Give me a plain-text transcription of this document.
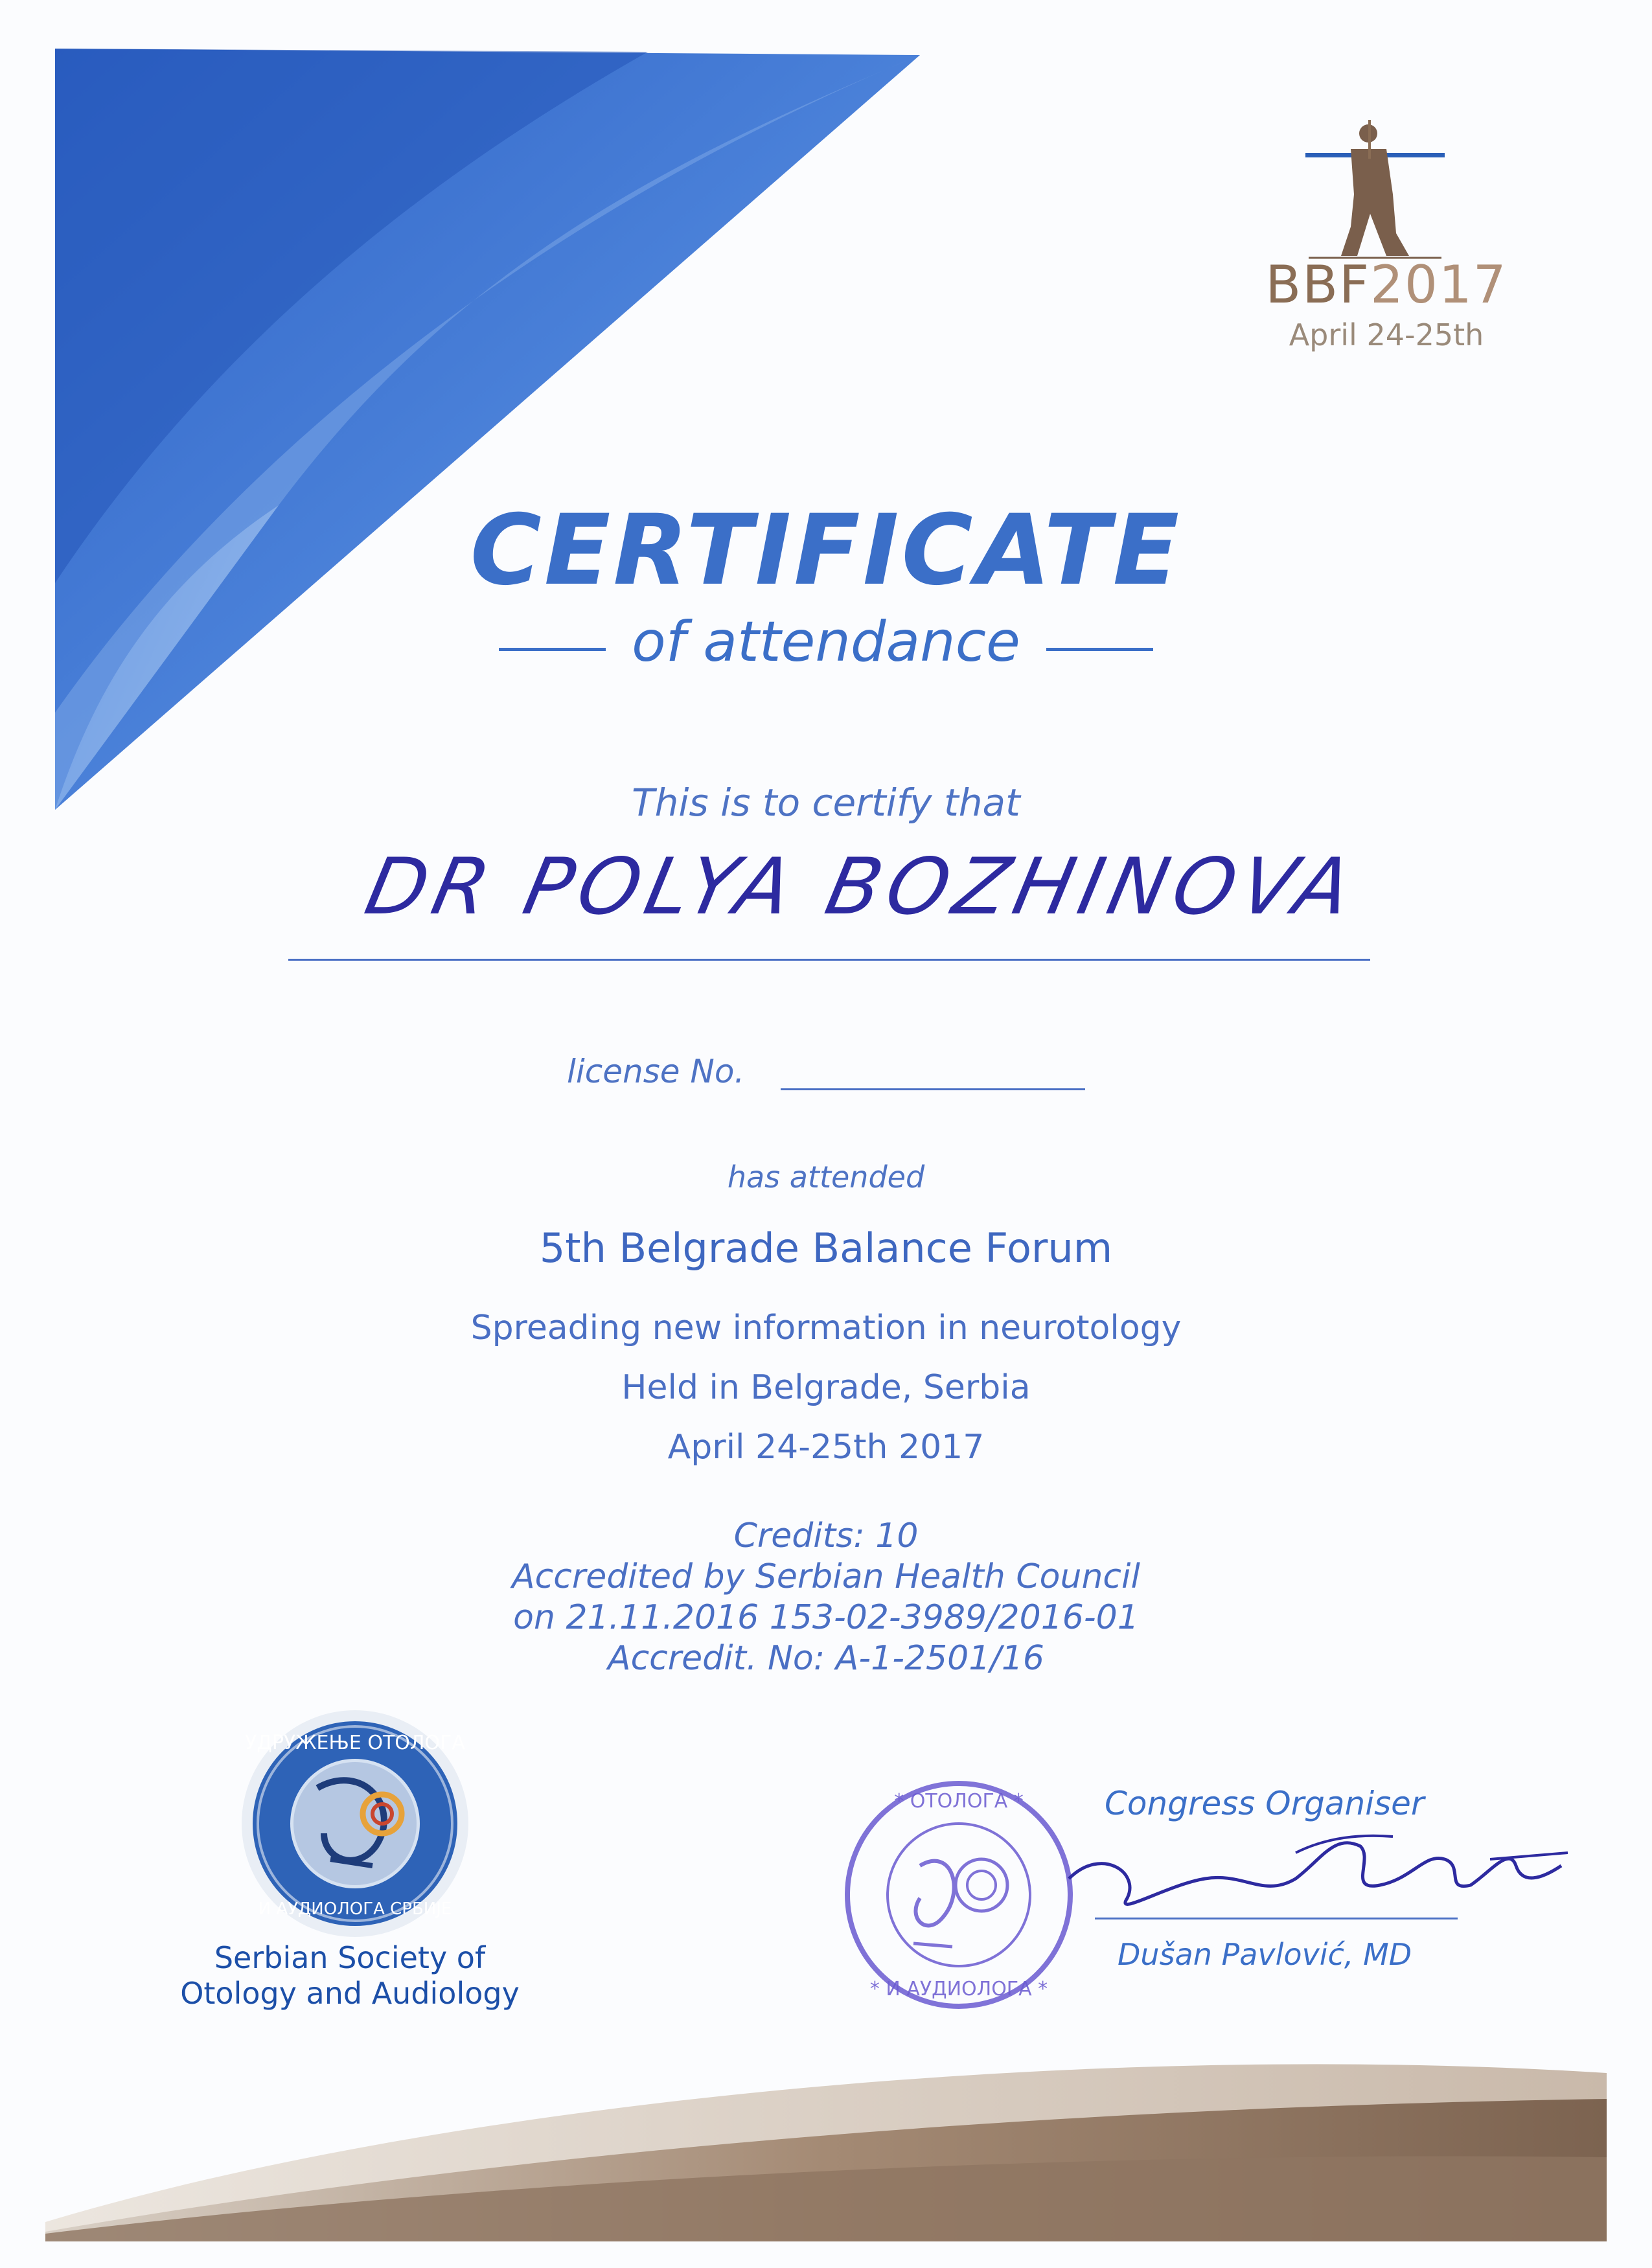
УДРУЖЕЊЕ ОТОЛОГА
И АУДИОЛОГА СРБИЈЕ
* ОТОЛОГА *
* И АУДИОЛОГА *
BBF2017
April 24-25th
CERTIFICATE
of attendance
This is to certify that
DR POLYA BOZHINOVA
license No.
has attended
5th Belgrade Balance Forum
Spreading new information in neurotology
Held in Belgrade, Serbia
April 24-25th 2017
Credits: 10
Accredited by Serbian Health Council
on 21.11.2016 153-02-3989/2016-01
Accredit. No: A-1-2501/16
Serbian Society of
Otology and Audiology
Congress Organiser
Dušan Pavlović, MD
